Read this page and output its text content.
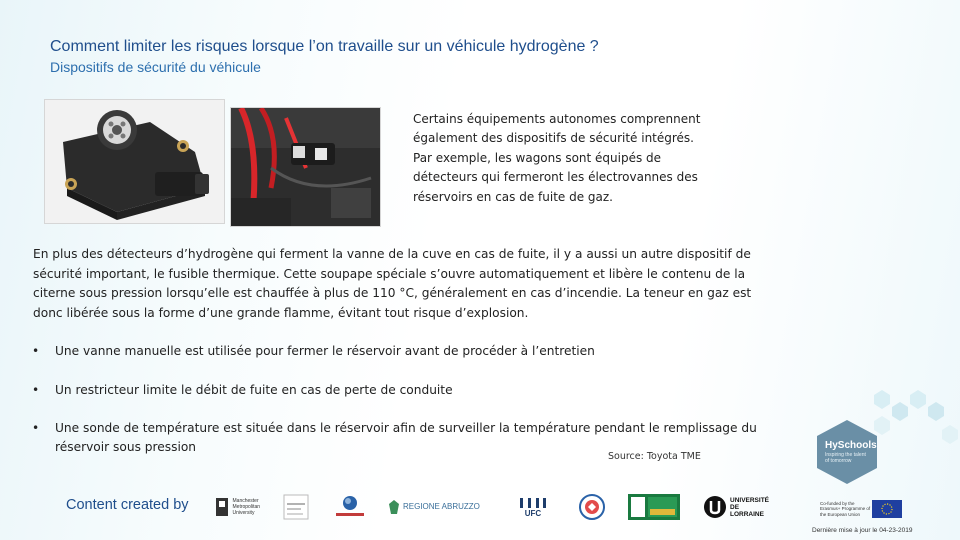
Comment limiter les risques lorsque l’on travaille sur un véhicule hydrogène ?
Dispositifs de sécurité du véhicule
Certains équipements autonomes comprennent également des dispositifs de sécurité intégrés. Par exemple, les wagons sont équipés de détecteurs qui fermeront les électrovannes des réservoirs en cas de fuite de gaz.
En plus des détecteurs d’hydrogène qui ferment la vanne de la cuve en cas de fuite, il y a aussi un autre dispositif de sécurité important, le fusible thermique. Cette soupape spéciale s’ouvre automatiquement et libère le contenu de la citerne sous pression lorsqu’elle est chauffée à plus de 110 °C, généralement en cas d’incendie. La teneur en gaz est donc libérée sous la forme d’une grande flamme, évitant tout risque d’explosion.
• Une vanne manuelle est utilisée pour fermer le réservoir avant de procéder à l’entretien
• Un restricteur limite le débit de fuite en cas de perte de conduite
• Une sonde de température est située dans le réservoir afin de surveiller la température pendant le remplissage du réservoir sous pression
Source: Toyota TME
HySchools
Inspiring the talent of tomorrow
Content created by	Manchester Metropolitan University
REGIONE ABRUZZO
UFC
UNIVERSITÉ DE LORRAINE
Co-funded by the Erasmus+ Programme of the European Union
Dernière mise à jour le 04-23-2019
